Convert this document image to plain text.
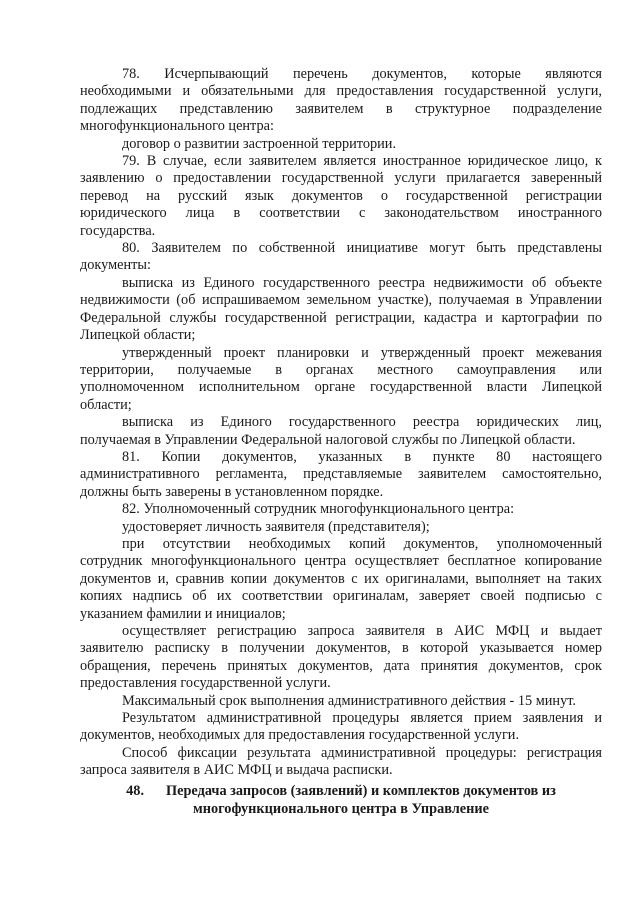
78. Исчерпывающий перечень документов, которые являются
необходимыми и обязательными для предоставления государственной услуги,
подлежащих представлению заявителем в структурное подразделение
многофункционального центра:
договор о развитии застроенной территории.
79. В случае, если заявителем является иностранное юридическое лицо, к
заявлению о предоставлении государственной услуги прилагается заверенный
перевод на русский язык документов о государственной регистрации
юридического лица в соответствии с законодательством иностранного
государства.
80. Заявителем по собственной инициативе могут быть представлены
документы:
выписка из Единого государственного реестра недвижимости об объекте
недвижимости (об испрашиваемом земельном участке), получаемая в Управлении
Федеральной службы государственной регистрации, кадастра и картографии по
Липецкой области;
утвержденный проект планировки и утвержденный проект межевания
территории, получаемые в органах местного самоуправления или
уполномоченном исполнительном органе государственной власти Липецкой
области;
выписка из Единого государственного реестра юридических лиц,
получаемая в Управлении Федеральной налоговой службы по Липецкой области.
81. Копии документов, указанных в пункте 80 настоящего
административного регламента, представляемые заявителем самостоятельно,
должны быть заверены в установленном порядке.
82. Уполномоченный сотрудник многофункционального центра:
удостоверяет личность заявителя (представителя);
при отсутствии необходимых копий документов, уполномоченный
сотрудник многофункционального центра осуществляет бесплатное копирование
документов и, сравнив копии документов с их оригиналами, выполняет на таких
копиях надпись об их соответствии оригиналам, заверяет своей подписью с
указанием фамилии и инициалов;
осуществляет регистрацию запроса заявителя в АИС МФЦ и выдает
заявителю расписку в получении документов, в которой указывается номер
обращения, перечень принятых документов, дата принятия документов, срок
предоставления государственной услуги.
Максимальный срок выполнения административного действия - 15 минут.
Результатом административной процедуры является прием заявления и
документов, необходимых для предоставления государственной услуги.
Способ фиксации результата административной процедуры: регистрация
запроса заявителя в АИС МФЦ и выдача расписки.
48. Передача запросов (заявлений) и комплектов документов из
многофункционального центра в Управление
